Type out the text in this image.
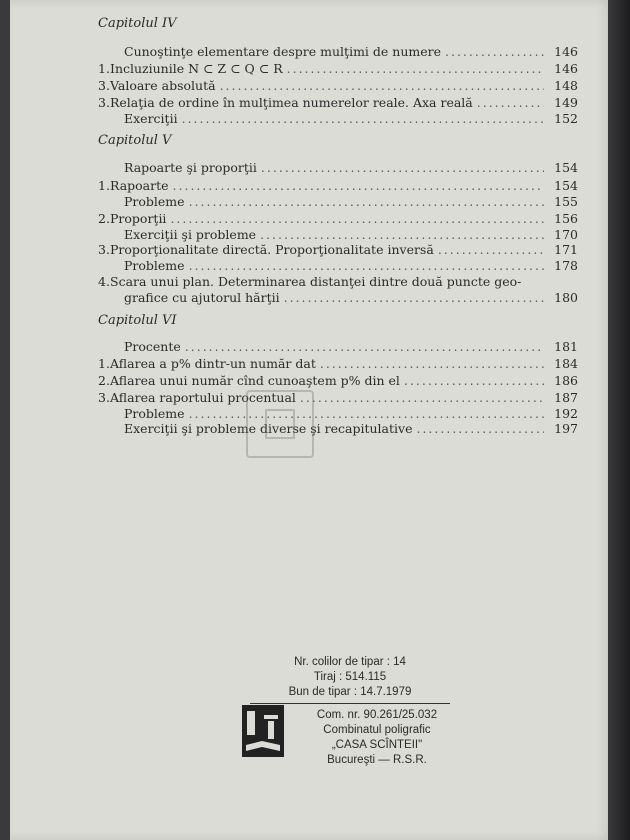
Capitolul IV
Cunoştinţe elementare despre mulţimi de numere .....	146
1. Incluziunile N ⊂ Z ⊂ Q ⊂ R .....	146
3. Valoare absolută .....	148
3. Relaţia de ordine în mulţimea numerelor reale. Axa reală .....	149
Exerciţii .....	152
Capitolul V
Rapoarte şi proporţii .....	154
1. Rapoarte .....	154
Probleme .....	155
2. Proporţii .....	156
Exerciţii şi probleme .....	170
3. Proporţionalitate directă. Proporţionalitate inversă .....	171
Probleme .....	178
4. Scara unui plan. Determinarea distanţei dintre două puncte geo-
grafice cu ajutorul hărţii .....	180
Capitolul VI
Procente .....	181
1. Aflarea a p% dintr-un număr dat .....	184
2. Aflarea unui număr cînd cunoaştem p% din el .....	186
3. Aflarea raportului procentual .....	187
Probleme .....	192
Exerciţii şi probleme diverse şi recapitulative .....	197
Nr. colilor de tipar : 14
Tiraj : 514.115
Bun de tipar : 14.7.1979
Com. nr. 90.261/25.032
Combinatul poligrafic
„CASA SCÎNTEII"
Bucureşti — R.S.R.
